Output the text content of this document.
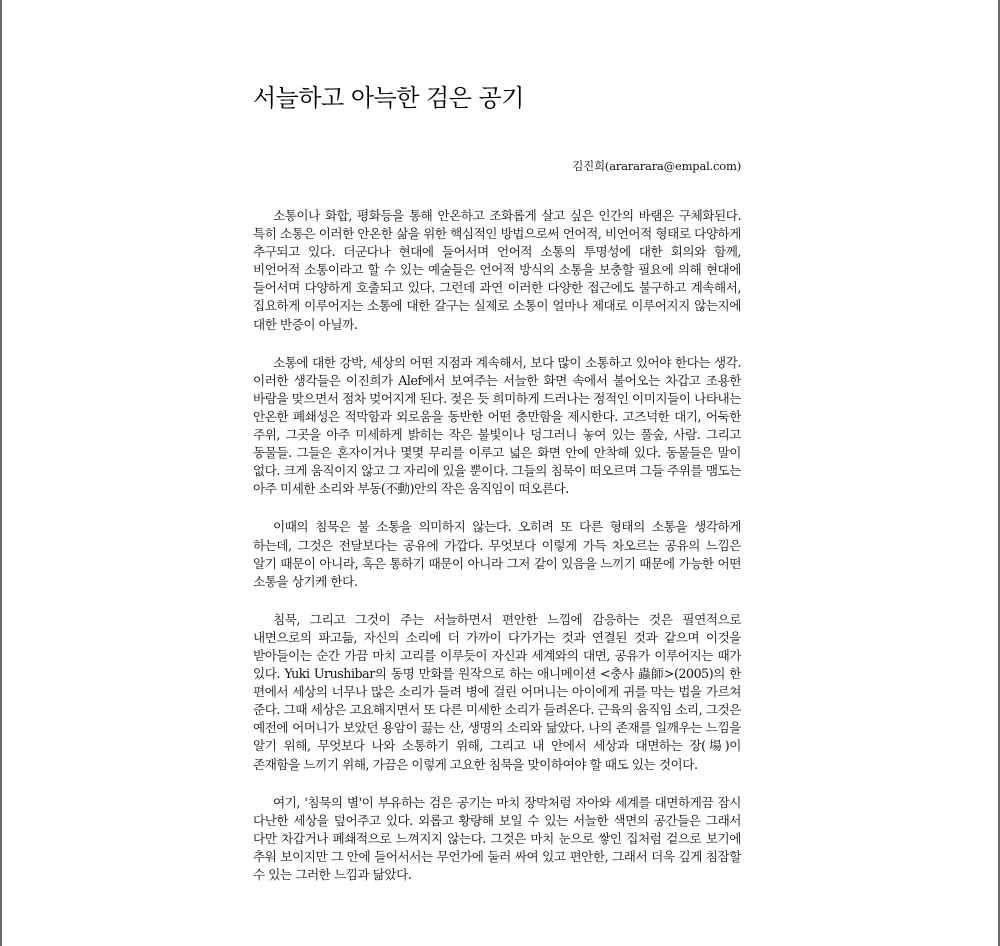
서늘하고 아늑한 검은 공기
김진희(arararara@empal.com)

소통이나 화합, 평화등을 통해 안온하고 조화롭게 살고 싶은 인간의 바램은 구체화된다. 특히 소통은 이러한 안온한 삶을 위한 핵심적인 방법으로써 언어적, 비언어적 형태로 다양하게 추구되고 있다. 더군다나 현대에 들어서며 언어적 소통의 투명성에 대한 회의와 함께, 비언어적 소통이라고 할 수 있는 예술들은 언어적 방식의 소통을 보충할 필요에 의해 현대에 들어서며 다양하게 호출되고 있다. 그런데 과연 이러한 다양한 접근에도 불구하고 계속해서, 집요하게 이루어지는 소통에 대한 갈구는 실제로 소통이 얼마나 제대로 이루어지지 않는지에 대한 반증이 아닐까.

소통에 대한 강박, 세상의 어떤 지점과 계속해서, 보다 많이 소통하고 있어야 한다는 생각. 이러한 생각들은 이진희가 Alef에서 보여주는 서늘한 화면 속에서 불어오는 차갑고 조용한 바람을 맞으면서 점차 멎어지게 된다. 젖은 듯 희미하게 드러나는 정적인 이미지들이 나타내는 안온한 폐쇄성은 적막함과 외로움을 동반한 어떤 충만함을 제시한다. 고즈넉한 대기, 어둑한 주위, 그곳을 아주 미세하게 밝히는 작은 불빛이나 덩그러니 놓여 있는 풀숲, 사람. 그리고 동물들. 그들은 혼자이거나 몇몇 무리를 이루고 넓은 화면 안에 안착해 있다. 동물들은 말이 없다. 크게 움직이지 않고 그 자리에 있을 뿐이다. 그들의 침묵이 떠오르며 그들 주위를 맴도는 아주 미세한 소리와 부동(不動)안의 작은 움직임이 떠오른다.

이때의 침묵은 불 소통을 의미하지 않는다. 오히려 또 다른 형태의 소통을 생각하게 하는데, 그것은 전달보다는 공유에 가깝다. 무엇보다 이렇게 가득 차오르는 공유의 느낌은 알기 때문이 아니라, 혹은 통하기 때문이 아니라 그저 같이 있음을 느끼기 때문에 가능한 어떤 소통을 상기케 한다.

침묵, 그리고 그것이 주는 서늘하면서 편안한 느낌에 감응하는 것은 필연적으로 내면으로의 파고듦, 자신의 소리에 더 가까이 다가가는 것과 연결된 것과 같으며 이것을 받아들이는 순간 가끔 마치 고리를 이루듯이 자신과 세계와의 대면, 공유가 이루어지는 때가 있다. Yuki Urushibar의 동명 만화를 원작으로 하는 애니메이션 <충사 蟲師>(2005)의 한 편에서 세상의 너무나 많은 소리가 들려 병에 걸린 어머니는 아이에게 귀를 막는 법을 가르쳐 준다. 그때 세상은 고요해지면서 또 다른 미세한 소리가 들려온다. 근육의 움직임 소리, 그것은 예전에 어머니가 보았던 용암이 끓는 산, 생명의 소리와 닮았다. 나의 존재를 일깨우는 느낌을 알기 위해, 무엇보다 나와 소통하기 위해, 그리고 내 안에서 세상과 대면하는 장(場)이 존재함을 느끼기 위해, 가끔은 이렇게 고요한 침묵을 맞이하여야 할 때도 있는 것이다.

여기, '침묵의 별'이 부유하는 검은 공기는 마치 장막처럼 자아와 세계를 대면하게끔 잠시 다난한 세상을 덮어주고 있다. 외롭고 황량해 보일 수 있는 서늘한 색면의 공간들은 그래서 다만 차갑거나 폐쇄적으로 느껴지지 않는다. 그것은 마치 눈으로 쌓인 집처럼 겉으로 보기에 추워 보이지만 그 안에 들어서서는 무언가에 둘러 싸여 있고 편안한, 그래서 더욱 깊게 침잠할 수 있는 그러한 느낌과 닮았다.
